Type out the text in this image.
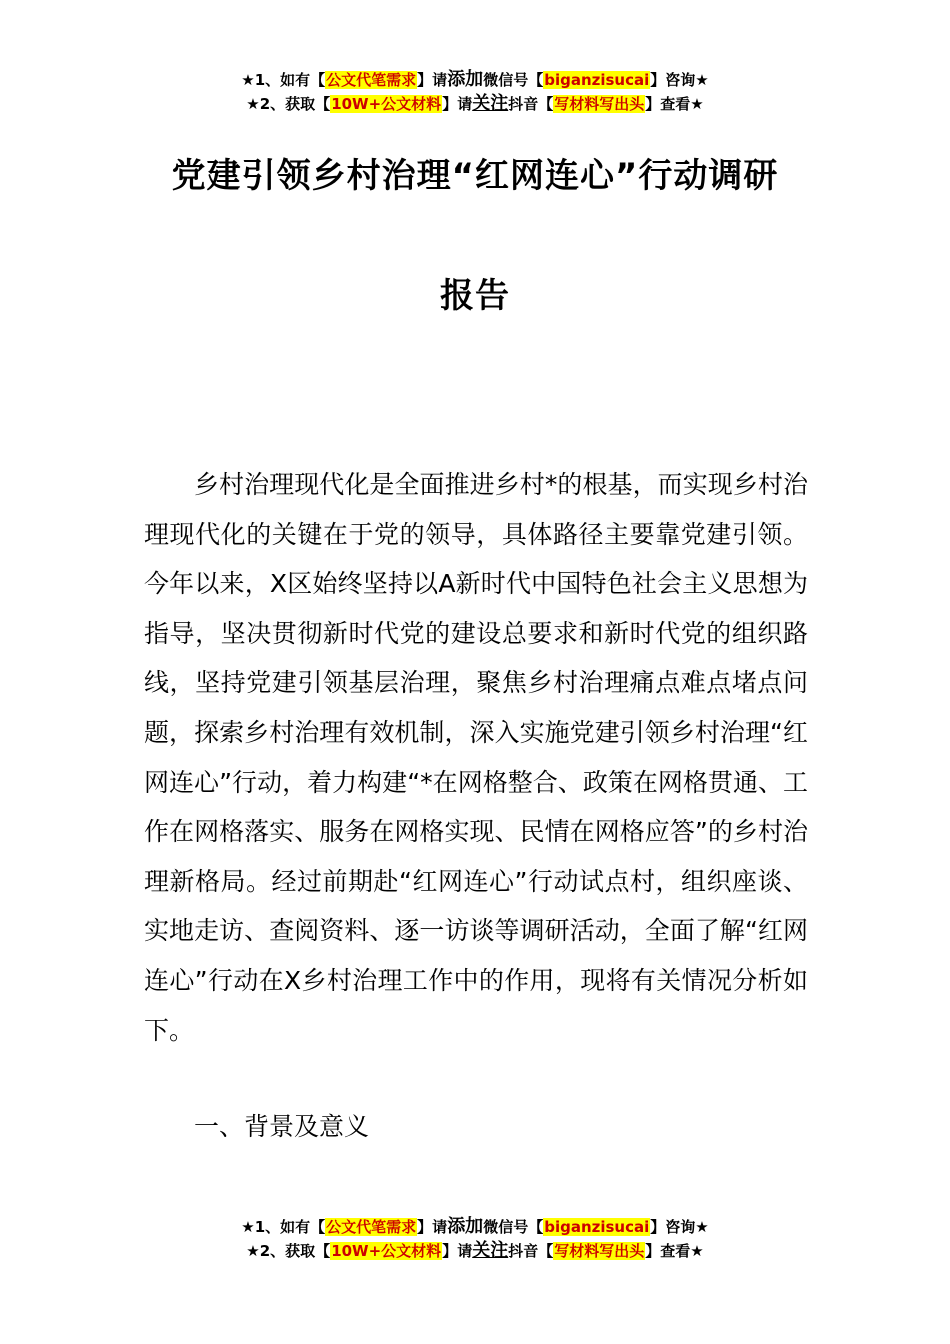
★1、如有【公文代笔需求】请添加微信号【biganzisucai】咨询★
★2、获取【10W+公文材料】请关注抖音【写材料写出头】查看★
党建引领乡村治理“红网连心”行动调研
报告

乡村治理现代化是全面推进乡村*的根基，而实现乡村治理现代化的关键在于党的领导，具体路径主要靠党建引领。今年以来，X区始终坚持以A新时代中国特色社会主义思想为指导，坚决贯彻新时代党的建设总要求和新时代党的组织路线，坚持党建引领基层治理，聚焦乡村治理痛点难点堵点问题，探索乡村治理有效机制，深入实施党建引领乡村治理“红网连心”行动，着力构建“*在网格整合、政策在网格贯通、工作在网格落实、服务在网格实现、民情在网格应答”的乡村治理新格局。经过前期赴“红网连心”行动试点村，组织座谈、实地走访、查阅资料、逐一访谈等调研活动，全面了解“红网连心”行动在X乡村治理工作中的作用，现将有关情况分析如下。

一、背景及意义

★1、如有【公文代笔需求】请添加微信号【biganzisucai】咨询★
★2、获取【10W+公文材料】请关注抖音【写材料写出头】查看★
